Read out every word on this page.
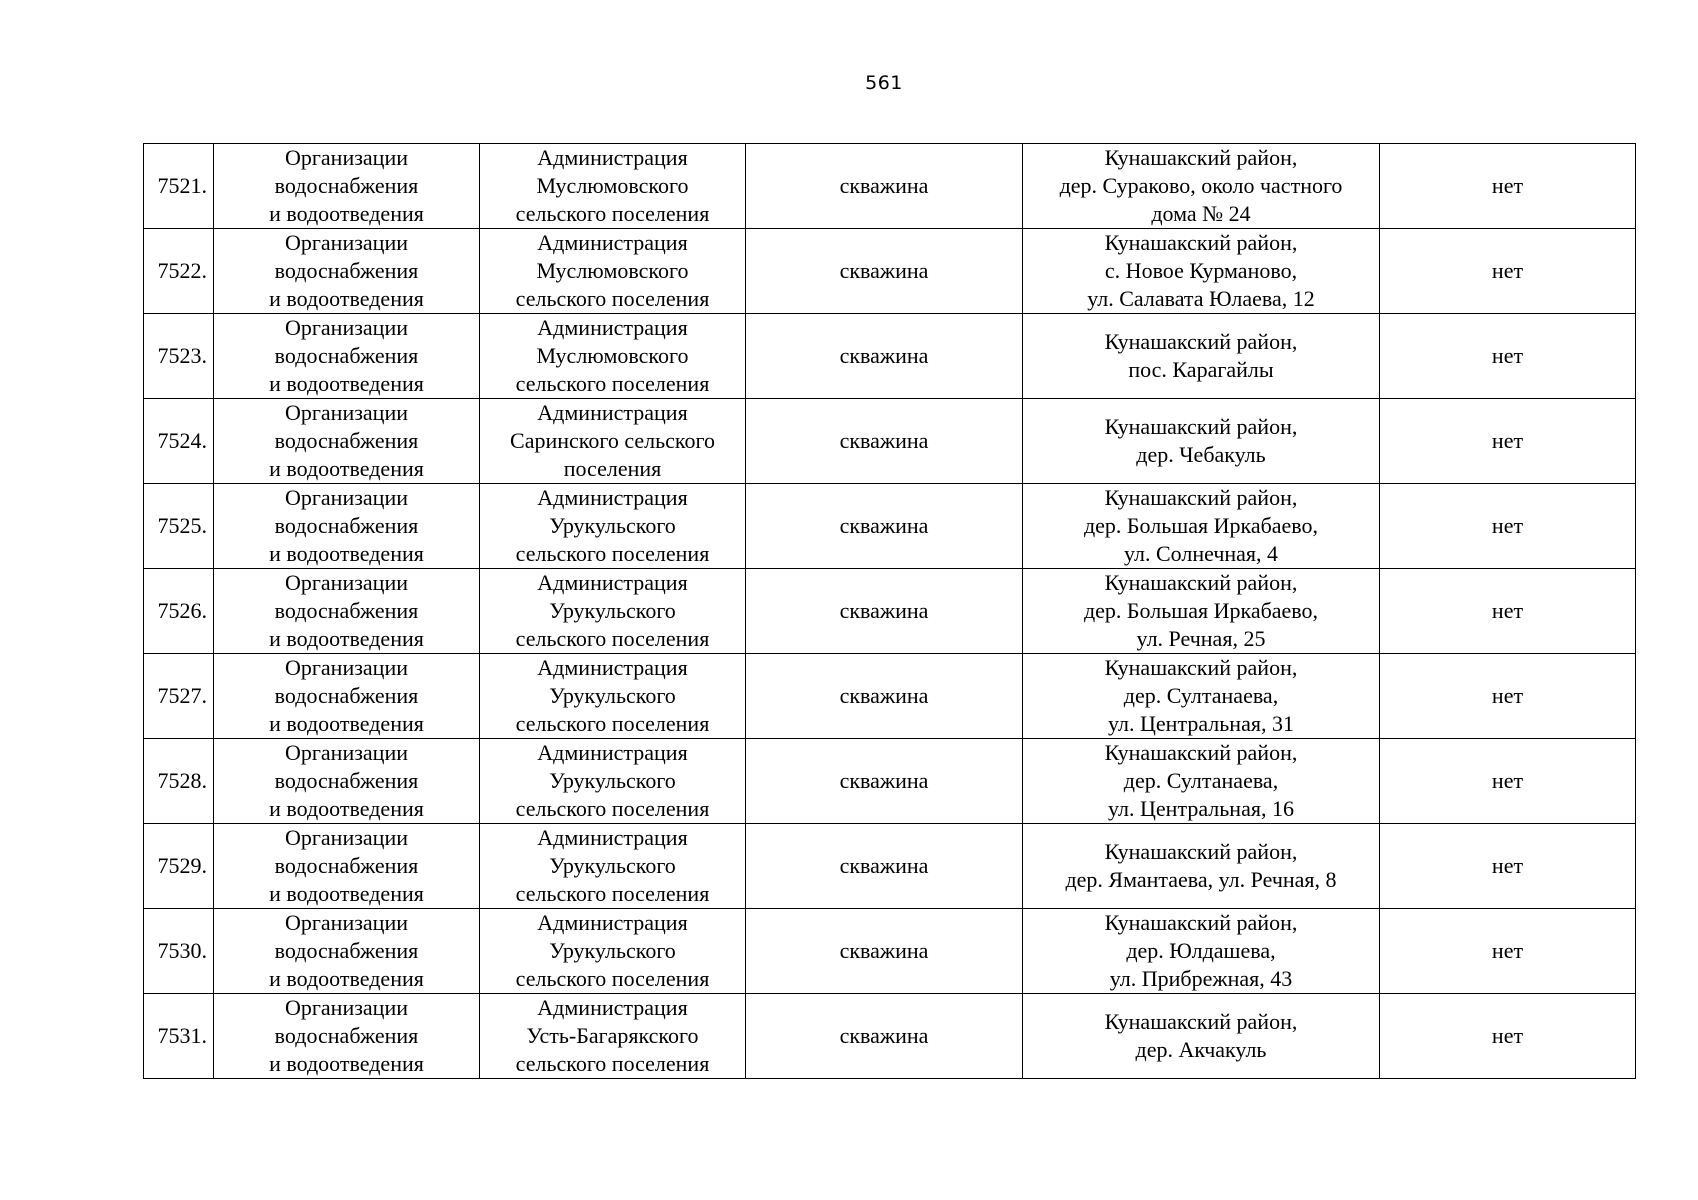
561
7521.	Организации
водоснабжения
и водоотведения	Администрация
Муслюмовского
сельского поселения	скважина	Кунашакский район,
дер. Сураково, около частного
дома № 24	нет
7522.	Организации
водоснабжения
и водоотведения	Администрация
Муслюмовского
сельского поселения	скважина	Кунашакский район,
с. Новое Курманово,
ул. Салавата Юлаева, 12	нет
7523.	Организации
водоснабжения
и водоотведения	Администрация
Муслюмовского
сельского поселения	скважина	Кунашакский район,
пос. Карагайлы	нет
7524.	Организации
водоснабжения
и водоотведения	Администрация
Саринского сельского
поселения	скважина	Кунашакский район,
дер. Чебакуль	нет
7525.	Организации
водоснабжения
и водоотведения	Администрация
Урукульского
сельского поселения	скважина	Кунашакский район,
дер. Большая Иркабаево,
ул. Солнечная, 4	нет
7526.	Организации
водоснабжения
и водоотведения	Администрация
Урукульского
сельского поселения	скважина	Кунашакский район,
дер. Большая Иркабаево,
ул. Речная, 25	нет
7527.	Организации
водоснабжения
и водоотведения	Администрация
Урукульского
сельского поселения	скважина	Кунашакский район,
дер. Султанаева,
ул. Центральная, 31	нет
7528.	Организации
водоснабжения
и водоотведения	Администрация
Урукульского
сельского поселения	скважина	Кунашакский район,
дер. Султанаева,
ул. Центральная, 16	нет
7529.	Организации
водоснабжения
и водоотведения	Администрация
Урукульского
сельского поселения	скважина	Кунашакский район,
дер. Ямантаева, ул. Речная, 8	нет
7530.	Организации
водоснабжения
и водоотведения	Администрация
Урукульского
сельского поселения	скважина	Кунашакский район,
дер. Юлдашева,
ул. Прибрежная, 43	нет
7531.	Организации
водоснабжения
и водоотведения	Администрация
Усть-Багарякского
сельского поселения	скважина	Кунашакский район,
дер. Акчакуль	нет
